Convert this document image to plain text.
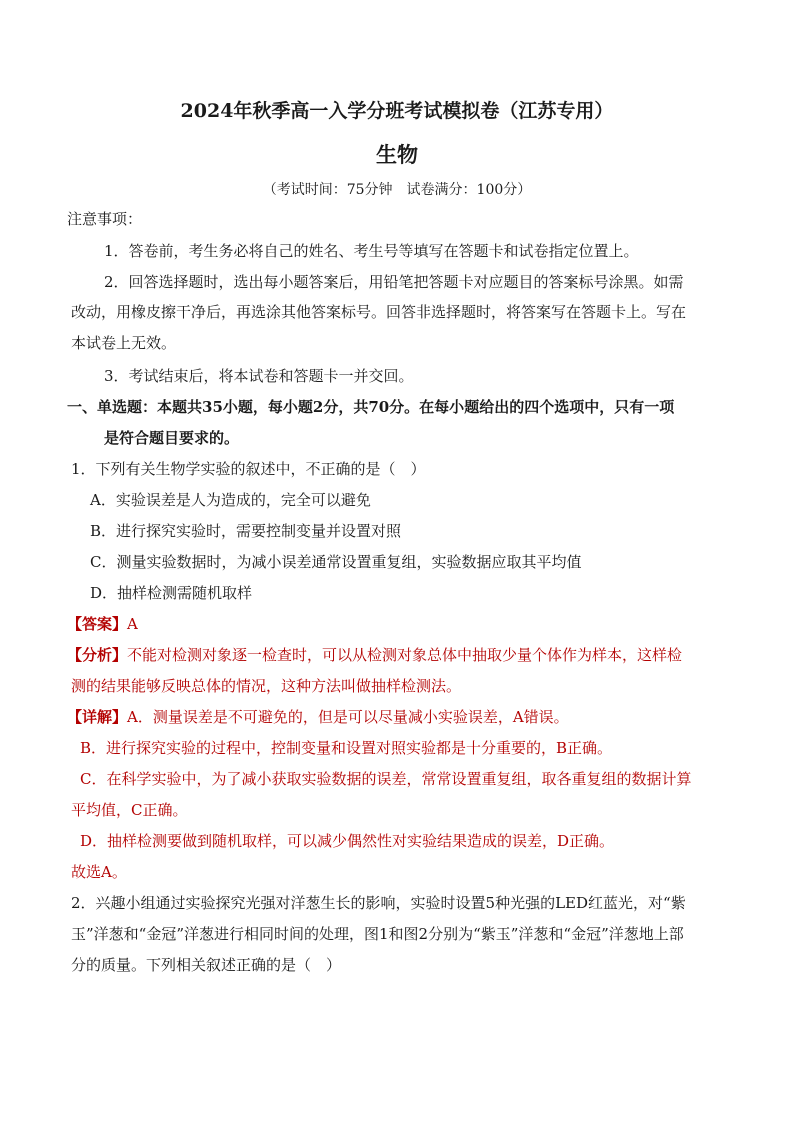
2024年秋季高一入学分班考试模拟卷（江苏专用）
生物
（考试时间：75分钟　试卷满分：100分）
注意事项：
1．答卷前，考生务必将自己的姓名、考生号等填写在答题卡和试卷指定位置上。
2．回答选择题时，选出每小题答案后，用铅笔把答题卡对应题目的答案标号涂黑。如需
改动，用橡皮擦干净后，再选涂其他答案标号。回答非选择题时，将答案写在答题卡上。写在
本试卷上无效。
3．考试结束后，将本试卷和答题卡一并交回。
一、单选题：本题共35小题，每小题2分，共70分。在每小题给出的四个选项中，只有一项
是符合题目要求的。
1．下列有关生物学实验的叙述中，不正确的是（　）
A．实验误差是人为造成的，完全可以避免
B．进行探究实验时，需要控制变量并设置对照
C．测量实验数据时，为减小误差通常设置重复组，实验数据应取其平均值
D．抽样检测需随机取样
【答案】A
【分析】不能对检测对象逐一检查时，可以从检测对象总体中抽取少量个体作为样本，这样检
测的结果能够反映总体的情况，这种方法叫做抽样检测法。
【详解】A．测量误差是不可避免的，但是可以尽量减小实验误差，A错误。
B．进行探究实验的过程中，控制变量和设置对照实验都是十分重要的，B正确。
C．在科学实验中，为了减小获取实验数据的误差，常常设置重复组，取各重复组的数据计算
平均值，C正确。
D．抽样检测要做到随机取样，可以减少偶然性对实验结果造成的误差，D正确。
故选A。
2．兴趣小组通过实验探究光强对洋葱生长的影响，实验时设置5种光强的LED红蓝光，对“紫
玉”洋葱和“金冠”洋葱进行相同时间的处理，图1和图2分别为“紫玉”洋葱和“金冠”洋葱地上部
分的质量。下列相关叙述正确的是（　）
